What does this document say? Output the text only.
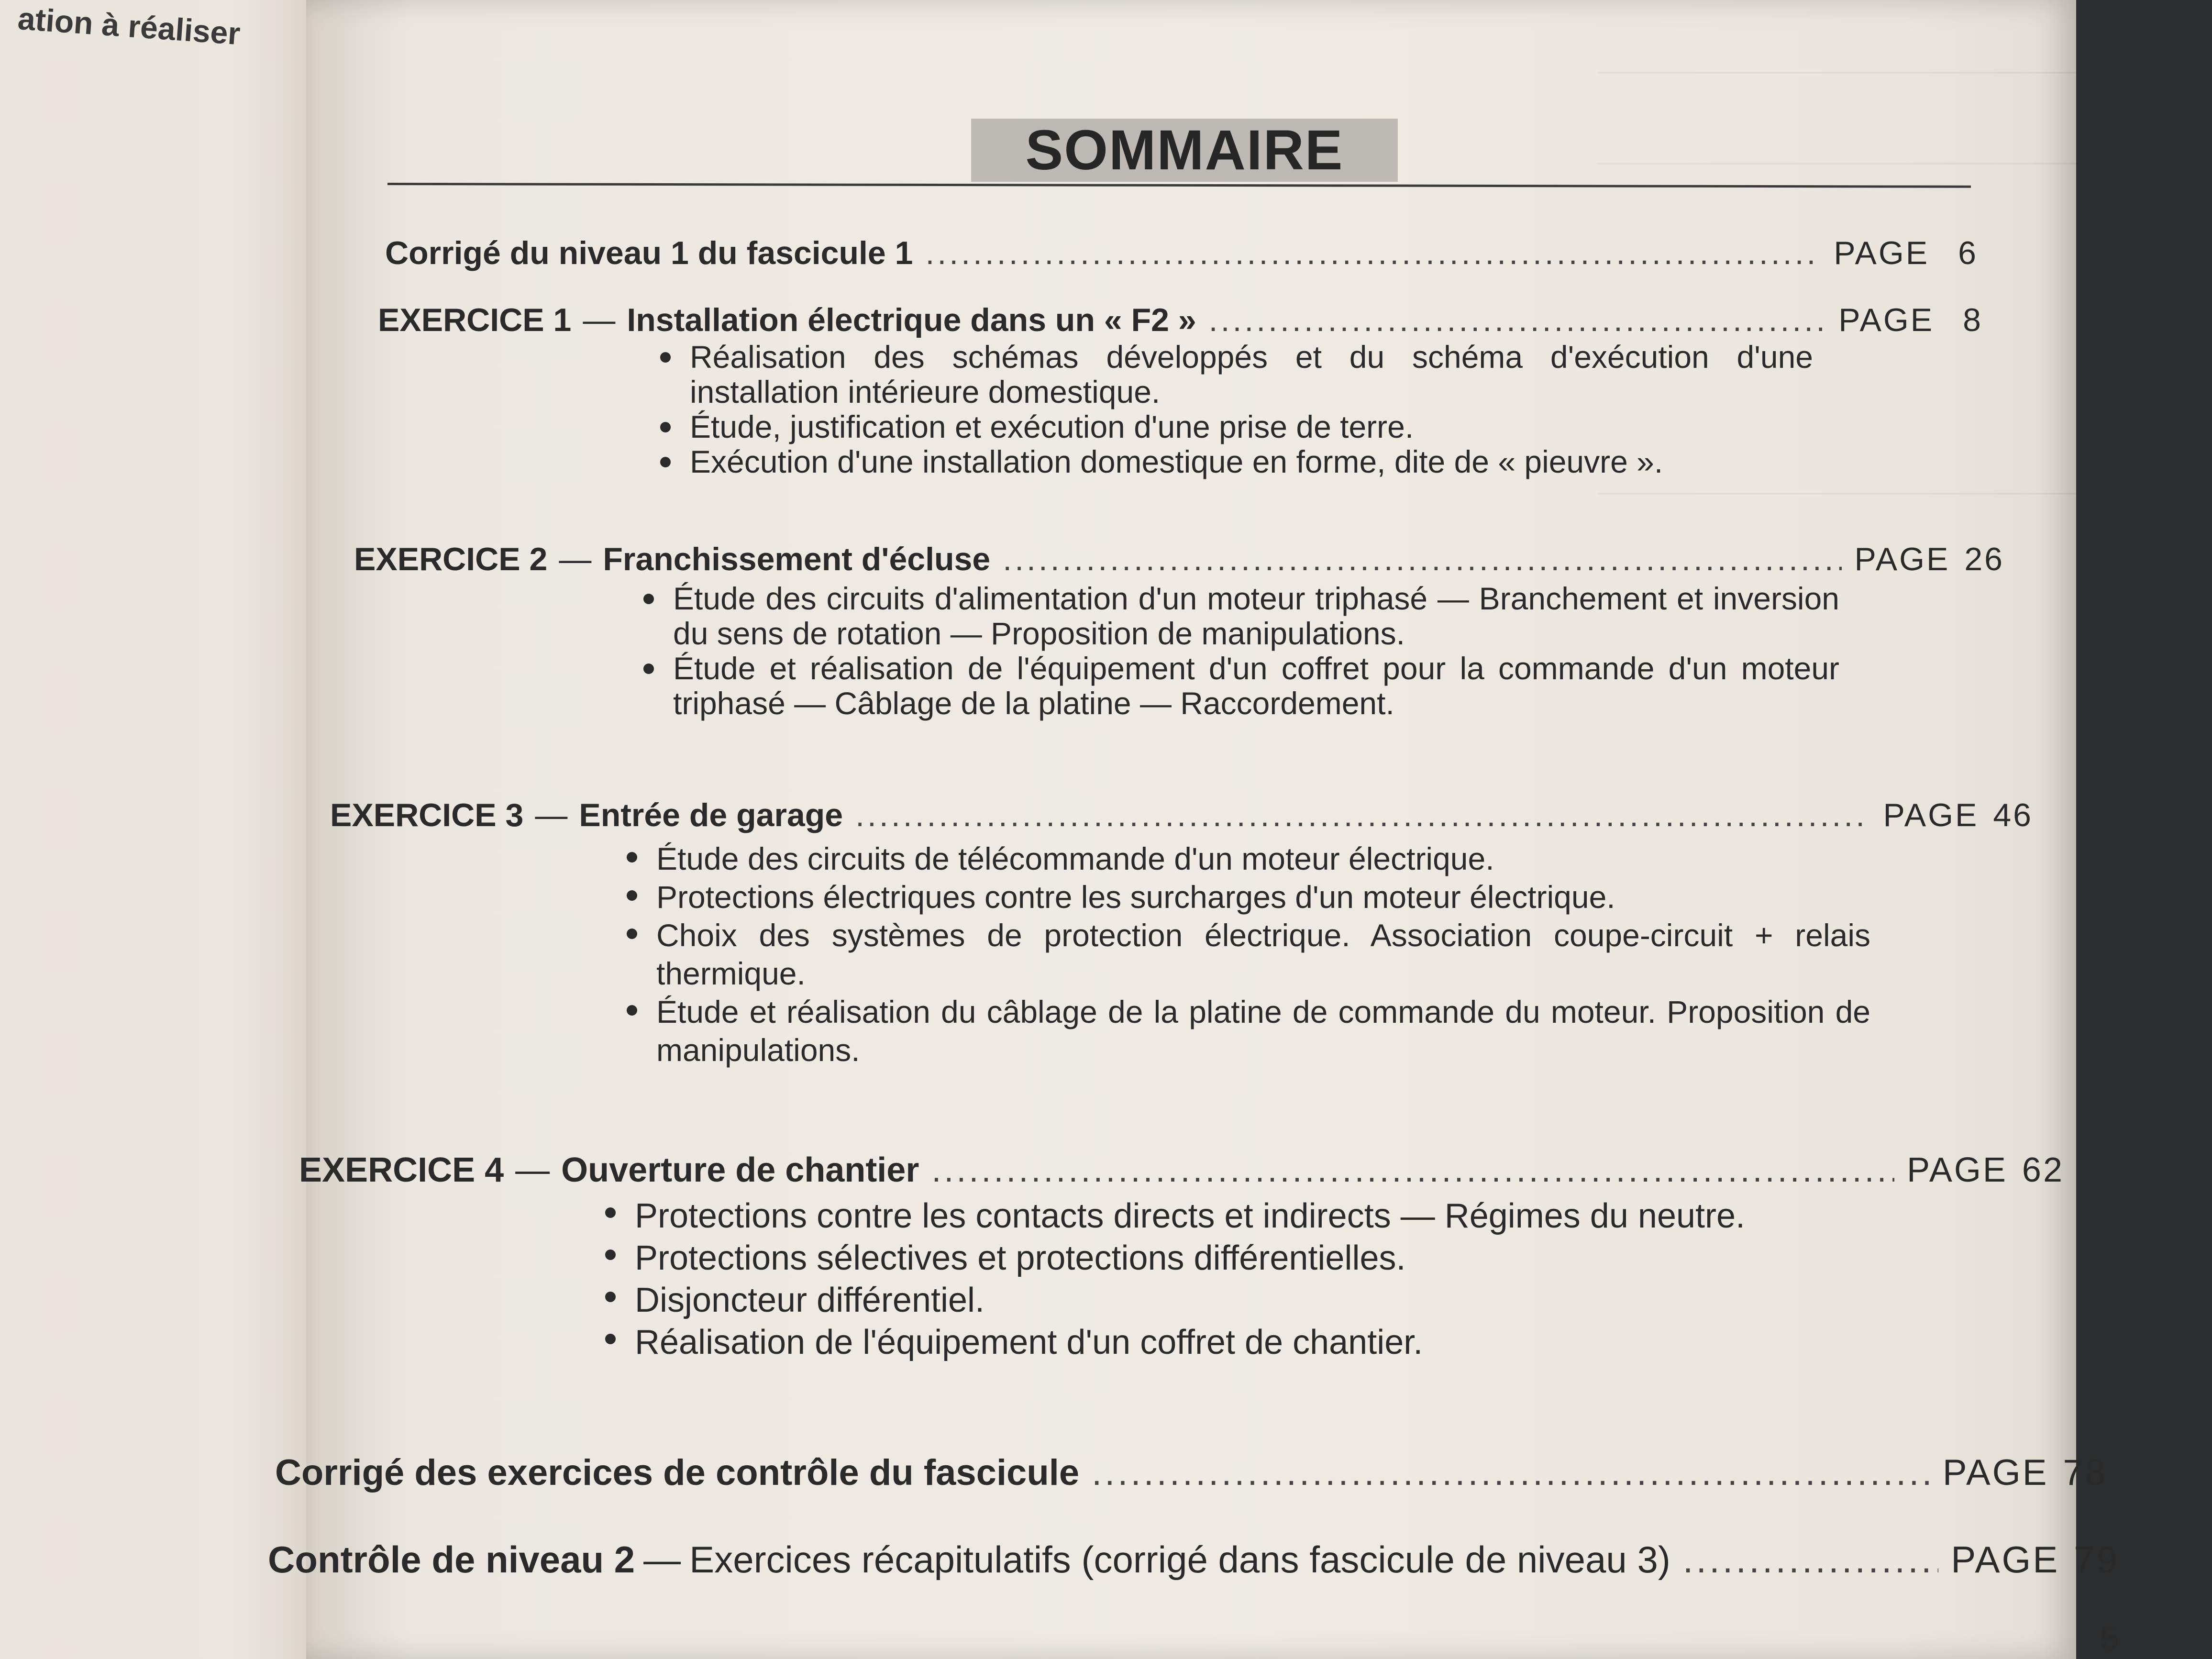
ation à réaliser
SOMMAIRE
Corrigé du niveau 1 du fascicule 1 .....	PAGE 6
EXERCICE 1 — Installation électrique dans un « F2 » .....	PAGE 8
Réalisation des schémas développés et du schéma d'exécution d'une installation intérieure domestique.
Étude, justification et exécution d'une prise de terre.
Exécution d'une installation domestique en forme, dite de « pieuvre ».
EXERCICE 2 — Franchissement d'écluse .....	PAGE 26
Étude des circuits d'alimentation d'un moteur triphasé — Branchement et inversion du sens de rotation — Proposition de manipulations.
Étude et réalisation de l'équipement d'un coffret pour la commande d'un moteur triphasé — Câblage de la platine — Raccordement.
EXERCICE 3 — Entrée de garage .....	PAGE 46
Étude des circuits de télécommande d'un moteur électrique.
Protections électriques contre les surcharges d'un moteur électrique.
Choix des systèmes de protection électrique. Association coupe-circuit + relais thermique.
Étude et réalisation du câblage de la platine de commande du moteur. Proposition de manipulations.
EXERCICE 4 — Ouverture de chantier .....	PAGE 62
Protections contre les contacts directs et indirects — Régimes du neutre.
Protections sélectives et protections différentielles.
Disjoncteur différentiel.
Réalisation de l'équipement d'un coffret de chantier.
Corrigé des exercices de contrôle du fascicule .....	PAGE 78
Contrôle de niveau 2 — Exercices récapitulatifs (corrigé dans fascicule de niveau 3) .....	PAGE 79
5
